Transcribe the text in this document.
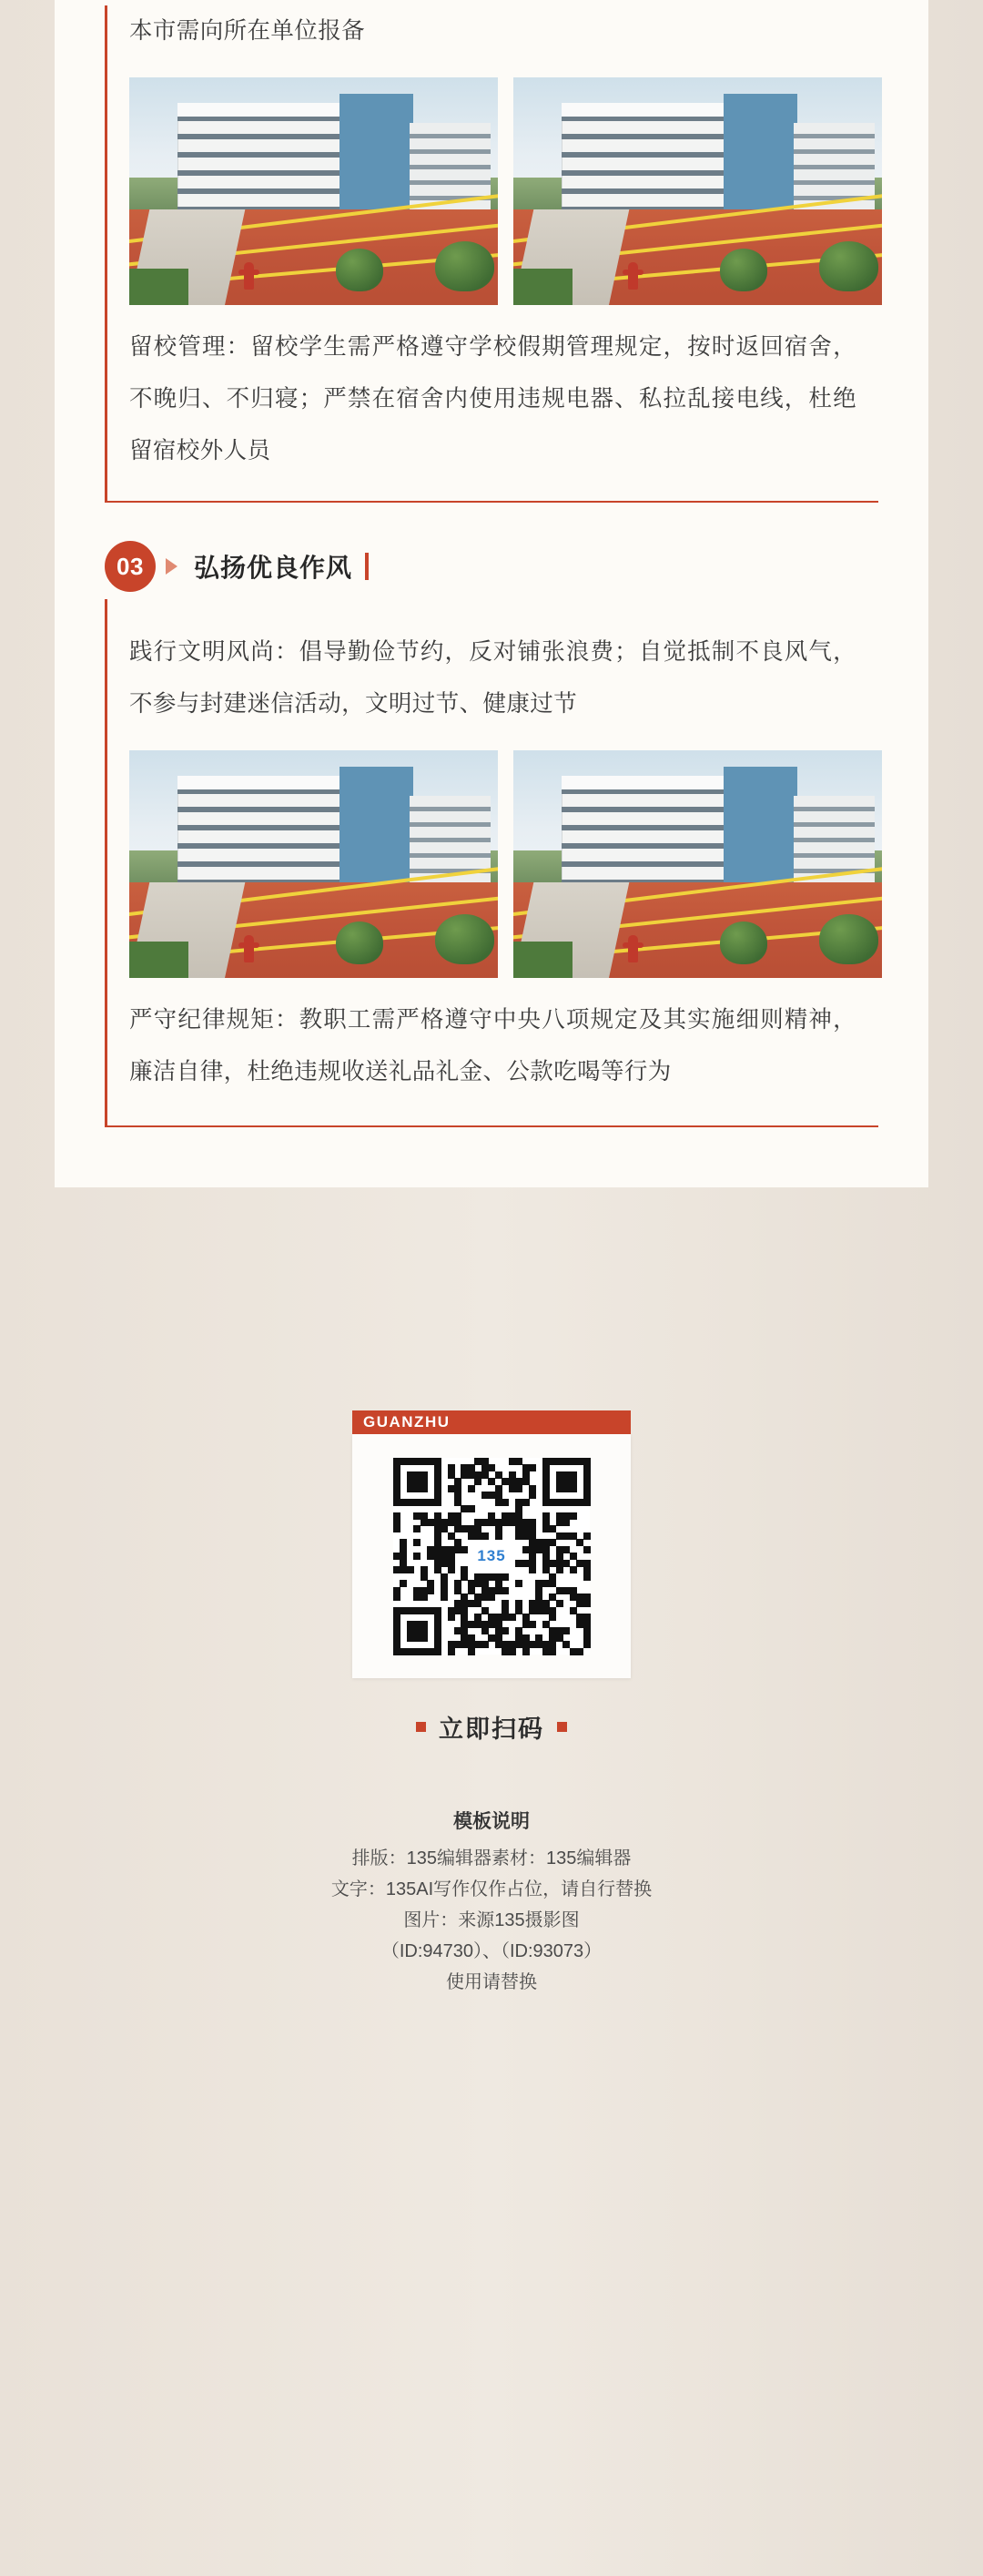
本市需向所在单位报备
留校管理：留校学生需严格遵守学校假期管理规定，按时返回宿舍，不晚归、不归寝；严禁在宿舍内使用违规电器、私拉乱接电线，杜绝留宿校外人员
03	弘扬优良作风
践行文明风尚：倡导勤俭节约，反对铺张浪费；自觉抵制不良风气，不参与封建迷信活动，文明过节、健康过节
严守纪律规矩：教职工需严格遵守中央八项规定及其实施细则精神，廉洁自律，杜绝违规收送礼品礼金、公款吃喝等行为
GUANZHU
135
立即扫码
模板说明
排版：135编辑器素材：135编辑器
文字：135AI写作仅作占位，请自行替换
图片：来源135摄影图
（ID:94730）、（ID:93073）
使用请替换
